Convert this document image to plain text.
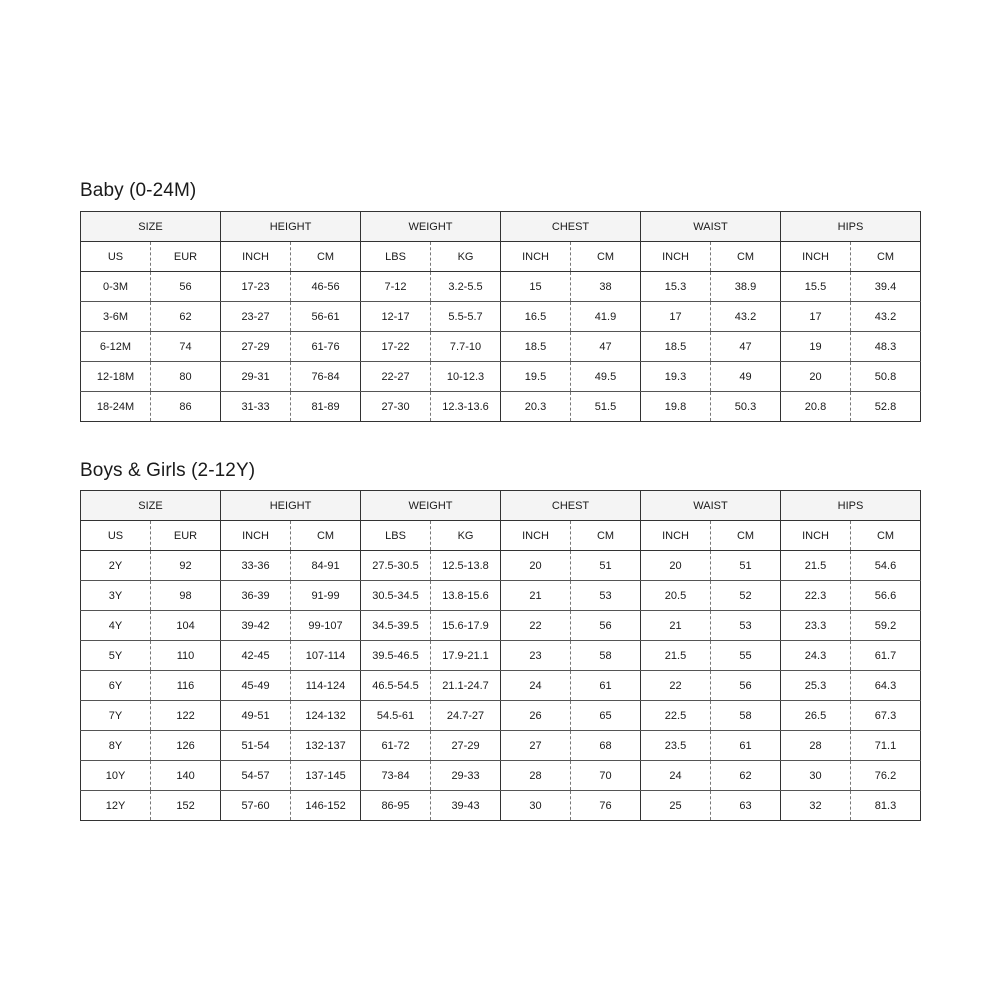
Baby (0-24M)
SIZE		HEIGHT		WEIGHT		CHEST		WAIST		HIPS	
US	EUR	INCH	CM	LBS	KG	INCH	CM	INCH	CM	INCH	CM
0-3M	56	17-23	46-56	7-12	3.2-5.5	15	38	15.3	38.9	15.5	39.4
3-6M	62	23-27	56-61	12-17	5.5-5.7	16.5	41.9	17	43.2	17	43.2
6-12M	74	27-29	61-76	17-22	7.7-10	18.5	47	18.5	47	19	48.3
12-18M	80	29-31	76-84	22-27	10-12.3	19.5	49.5	19.3	49	20	50.8
18-24M	86	31-33	81-89	27-30	12.3-13.6	20.3	51.5	19.8	50.3	20.8	52.8
Boys & Girls (2-12Y)
SIZE		HEIGHT		WEIGHT		CHEST		WAIST		HIPS	
US	EUR	INCH	CM	LBS	KG	INCH	CM	INCH	CM	INCH	CM
2Y	92	33-36	84-91	27.5-30.5	12.5-13.8	20	51	20	51	21.5	54.6
3Y	98	36-39	91-99	30.5-34.5	13.8-15.6	21	53	20.5	52	22.3	56.6
4Y	104	39-42	99-107	34.5-39.5	15.6-17.9	22	56	21	53	23.3	59.2
5Y	110	42-45	107-114	39.5-46.5	17.9-21.1	23	58	21.5	55	24.3	61.7
6Y	116	45-49	114-124	46.5-54.5	21.1-24.7	24	61	22	56	25.3	64.3
7Y	122	49-51	124-132	54.5-61	24.7-27	26	65	22.5	58	26.5	67.3
8Y	126	51-54	132-137	61-72	27-29	27	68	23.5	61	28	71.1
10Y	140	54-57	137-145	73-84	29-33	28	70	24	62	30	76.2
12Y	152	57-60	146-152	86-95	39-43	30	76	25	63	32	81.3
